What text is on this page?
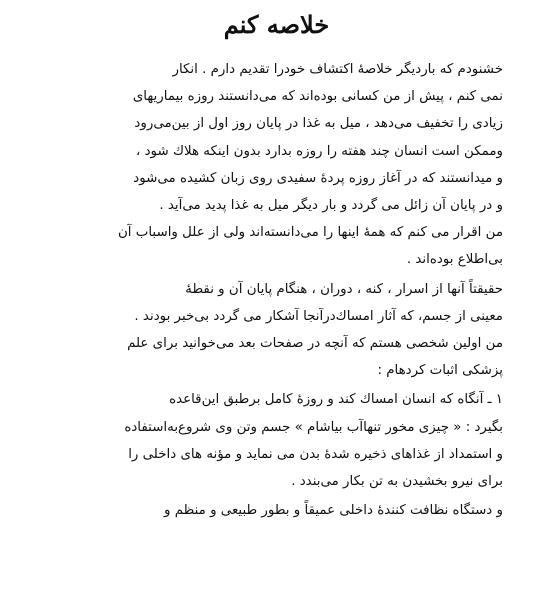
خلاصه کنم

خشنودم که باردیگر خلاصهٔ اکتشاف خودرا تقدیم دارم . انکار
نمی کنم ، پیش از من کسانی بوده‌اند که می‌دانستند روزه بیماریهای
زیادی را تخفیف می‌دهد ، میل به غذا در پایان روز اول از بین‌می‌رود
وممکن است انسان چند هفته را روزه بدارد بدون اینکه هلاك شود ،
و میدانستند که در آغاز روزه پردهٔ سفیدی روی زبان کشیده می‌شود
و در پایان آن زائل می گردد و بار دیگر میل به غذا پدید می‌آید .
من اقرار می کنم که همهٔ اینها را می‌دانسته‌اند ولی از علل واسباب آن
بی‌اطلاع بوده‌اند .

حقیقتاً آنها از اسرار ، کنه ، دوران ، هنگام پایان آن و نقطهٔ
معینی از جسم، که آثار امساك‌درآنجا آشکار می گردد بی‌خبر بودند .
من اولین شخصی هستم که آنچه در صفحات بعد می‌خوانید برای علم
پزشکی اثبات کردهام :

۱ ـ آنگاه که انسان امساك کند و روزهٔ کامل برطبق این‌قاعده
بگیرد : « چیزی مخور تنهاآب بیاشام » جسم وتن وی شروع‌به‌استفاده
و استمداد از غذاهای ذخیره شدهٔ بدن می نماید و مؤنه های داخلی را
برای نیرو بخشیدن به تن بکار می‌بندد .

و دستگاه نظافت کنندهٔ داخلی عمیقاً و بطور طبیعی و منظم و
